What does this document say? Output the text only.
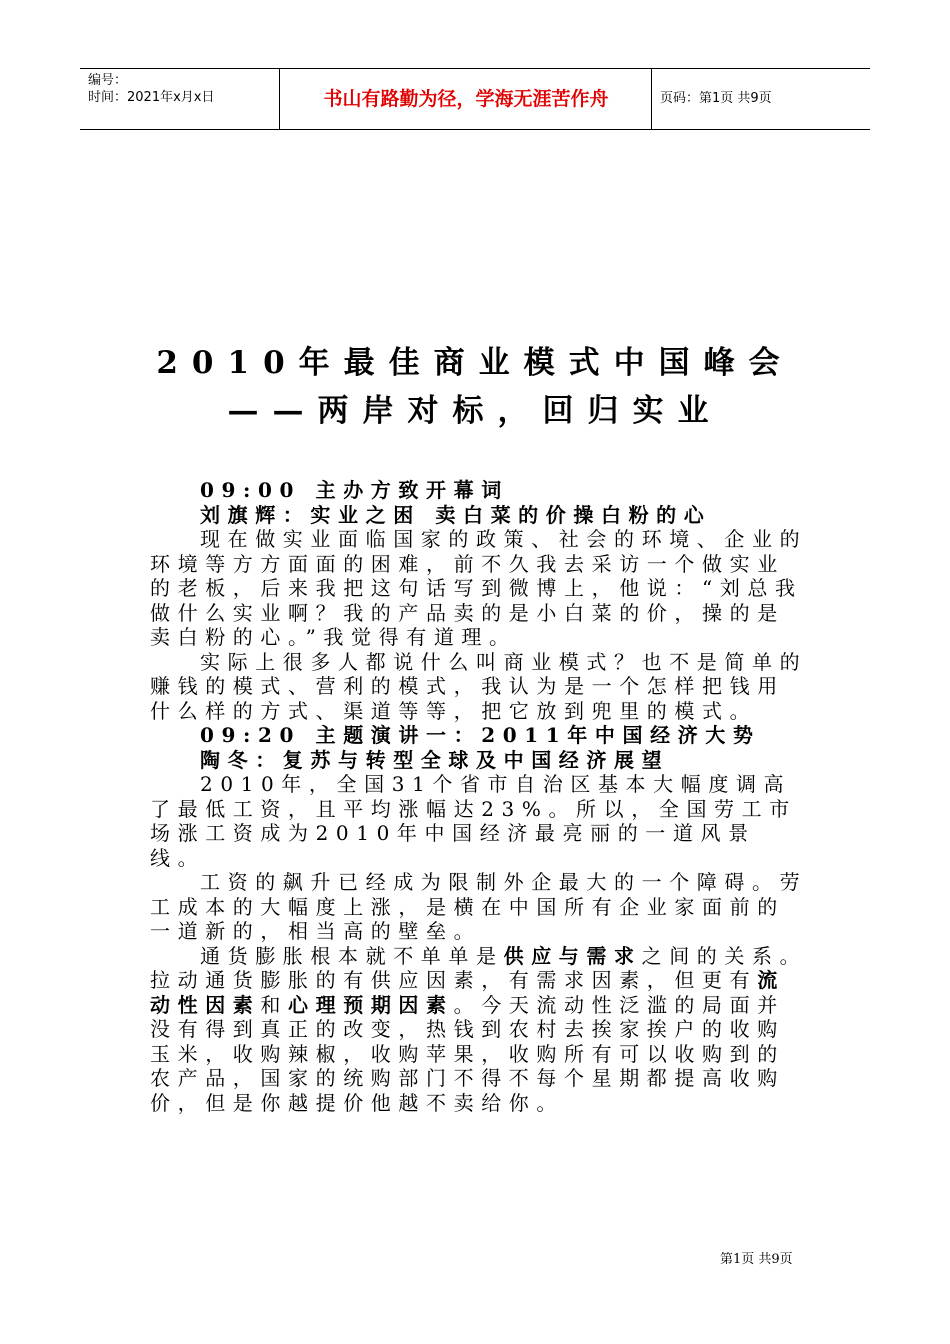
编号：
时间：2021年x月x日	书山有路勤为径，学海无涯苦作舟	页码：第1页 共9页
2010年最佳商业模式中国峰会
——两岸对标，回归实业

09:00 主办方致开幕词

刘旗辉：实业之困 卖白菜的价操白粉的心

现在做实业面临国家的政策、社会的环境、企业的环境等方方面面的困难，前不久我去采访一个做实业的老板，后来我把这句话写到微博上，他说：“刘总我做什么实业啊？我的产品卖的是小白菜的价，操的是卖白粉的心。”我觉得有道理。

实际上很多人都说什么叫商业模式？也不是简单的赚钱的模式、营利的模式，我认为是一个怎样把钱用什么样的方式、渠道等等，把它放到兜里的模式。

09:20 主题演讲一：2011年中国经济大势

陶冬：复苏与转型全球及中国经济展望

2010年，全国31个省市自治区基本大幅度调高了最低工资，且平均涨幅达23%。所以，全国劳工市场涨工资成为2010年中国经济最亮丽的一道风景线。

工资的飙升已经成为限制外企最大的一个障碍。劳工成本的大幅度上涨，是横在中国所有企业家面前的一道新的，相当高的壁垒。

通货膨胀根本就不单单是供应与需求之间的关系。拉动通货膨胀的有供应因素，有需求因素，但更有流动性因素和心理预期因素。今天流动性泛滥的局面并没有得到真正的改变，热钱到农村去挨家挨户的收购玉米，收购辣椒，收购苹果，收购所有可以收购到的农产品，国家的统购部门不得不每个星期都提高收购价，但是你越提价他越不卖给你。

第1页 共9页
